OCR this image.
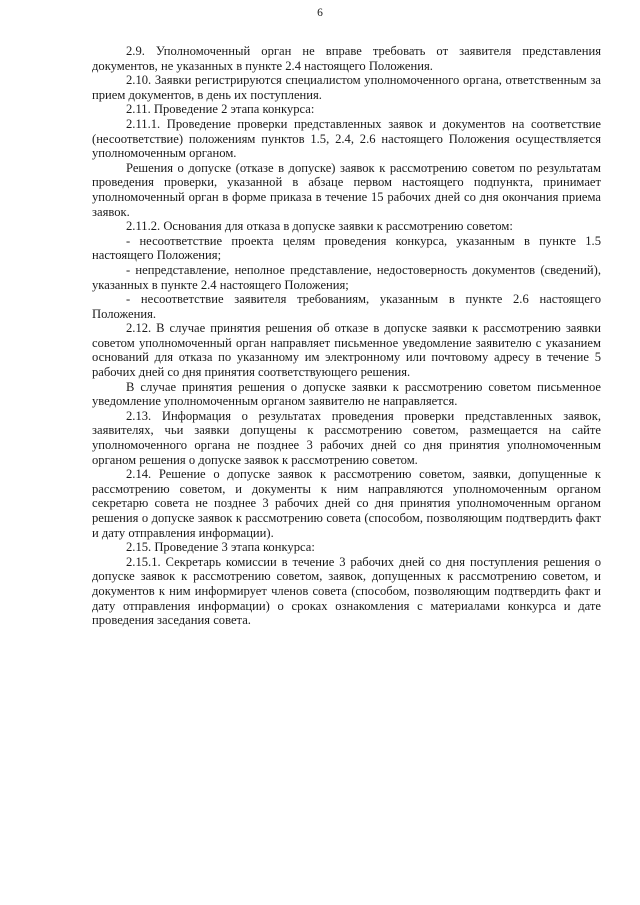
6

2.9. Уполномоченный орган не вправе требовать от заявителя представления документов, не указанных в пункте 2.4 настоящего Положения.

2.10. Заявки регистрируются специалистом уполномоченного органа, ответственным за прием документов, в день их поступления.

2.11. Проведение 2 этапа конкурса:

2.11.1. Проведение проверки представленных заявок и документов на соответствие (несоответствие) положениям пунктов 1.5, 2.4, 2.6 настоящего Положения осуществляется уполномоченным органом.

Решения о допуске (отказе в допуске) заявок к рассмотрению советом по результатам проведения проверки, указанной в абзаце первом настоящего подпункта, принимает уполномоченный орган в форме приказа в течение 15 рабочих дней со дня окончания приема заявок.

2.11.2. Основания для отказа в допуске заявки к рассмотрению советом:

- несоответствие проекта целям проведения конкурса, указанным в пункте 1.5 настоящего Положения;

- непредставление, неполное представление, недостоверность документов (сведений), указанных в пункте 2.4 настоящего Положения;

- несоответствие заявителя требованиям, указанным в пункте 2.6 настоящего Положения.

2.12. В случае принятия решения об отказе в допуске заявки к рассмотрению заявки советом уполномоченный орган направляет письменное уведомление заявителю с указанием оснований для отказа по указанному им электронному или почтовому адресу в течение 5 рабочих дней со дня принятия соответствующего решения.

В случае принятия решения о допуске заявки к рассмотрению советом письменное уведомление уполномоченным органом заявителю не направляется.

2.13. Информация о результатах проведения проверки представленных заявок, заявителях, чьи заявки допущены к рассмотрению советом, размещается на сайте уполномоченного органа не позднее 3 рабочих дней со дня принятия уполномоченным органом решения о допуске заявок к рассмотрению советом.

2.14. Решение о допуске заявок к рассмотрению советом, заявки, допущенные к рассмотрению советом, и документы к ним направляются уполномоченным органом секретарю совета не позднее 3 рабочих дней со дня принятия уполномоченным органом решения о допуске заявок к рассмотрению совета (способом, позволяющим подтвердить факт и дату отправления информации).

2.15. Проведение 3 этапа конкурса:

2.15.1. Секретарь комиссии в течение 3 рабочих дней со дня поступления решения о допуске заявок к рассмотрению советом, заявок, допущенных к рассмотрению советом, и документов к ним информирует членов совета (способом, позволяющим подтвердить факт и дату отправления информации) о сроках ознакомления с материалами конкурса и дате проведения заседания совета.
